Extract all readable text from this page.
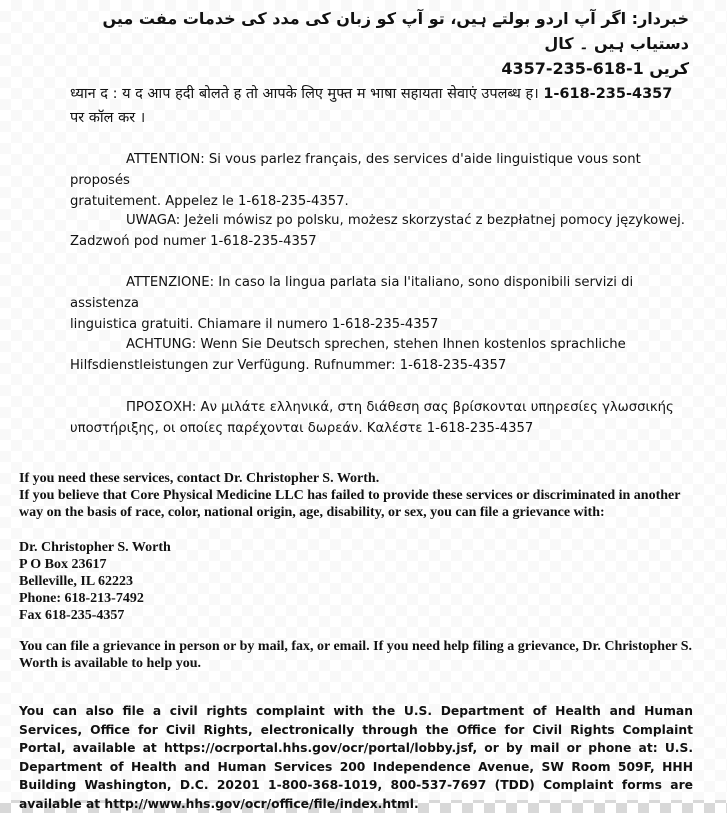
خبردار: اگر آپ اردو بولتے ہیں، تو آپ کو زبان کی مدد کی خدمات مفت میں دستیاب ہیں ۔ کال
کریں 1-618-235-4357
ध्यान द : य द आप हदी बोलते ह तो आपके लिए मुफ्त म भाषा सहायता सेवाएं उपलब्ध ह। 1-618-235-4357 पर कॉल कर ।
ATTENTION: Si vous parlez français, des services d'aide linguistique vous sont proposés
gratuitement. Appelez le 1-618-235-4357.
UWAGA: Jeżeli mówisz po polsku, możesz skorzystać z bezpłatnej pomocy językowej.
Zadzwoń pod numer 1-618-235-4357
ATTENZIONE: In caso la lingua parlata sia l'italiano, sono disponibili servizi di assistenza
linguistica gratuiti. Chiamare il numero 1-618-235-4357
ACHTUNG: Wenn Sie Deutsch sprechen, stehen Ihnen kostenlos sprachliche
Hilfsdienstleistungen zur Verfügung. Rufnummer: 1-618-235-4357
ΠΡΟΣΟΧΗ: Αν μιλάτε ελληνικά, στη διάθεση σας βρίσκονται υπηρεσίες γλωσσικής
υποστήριξης, οι οποίες παρέχονται δωρεάν. Καλέστε 1-618-235-4357
If you need these services, contact Dr. Christopher S. Worth.
If you believe that Core Physical Medicine LLC has failed to provide these services or discriminated in another way on the basis of race, color, national origin, age, disability, or sex, you can file a grievance with:
Dr. Christopher S. Worth
P O Box 23617
Belleville, IL 62223
Phone: 618-213-7492
Fax 618-235-4357
You can file a grievance in person or by mail, fax, or email. If you need help filing a grievance, Dr. Christopher S. Worth is available to help you.
You can also file a civil rights complaint with the U.S. Department of Health and Human Services, Office for Civil Rights, electronically through the Office for Civil Rights Complaint Portal, available at https://ocrportal.hhs.gov/ocr/portal/lobby.jsf, or by mail or phone at: U.S. Department of Health and Human Services 200 Independence Avenue, SW Room 509F, HHH Building Washington, D.C. 20201 1-800-368-1019, 800-537-7697 (TDD) Complaint forms are available at http://www.hhs.gov/ocr/office/file/index.html.
